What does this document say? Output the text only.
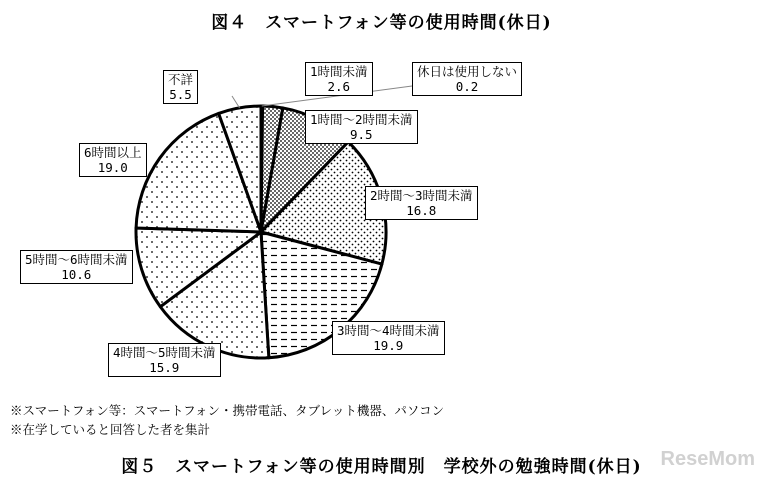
図４　スマートフォン等の使用時間(休日)
休日は使用しない
0.2
1時間未満
2.6
1時間～2時間未満
9.5
2時間～3時間未満
16.8
3時間～4時間未満
19.9
4時間～5時間未満
15.9
5時間～6時間未満
10.6
6時間以上
19.0
不詳
5.5
※スマートフォン等：スマートフォン・携帯電話、タブレット機器、パソコン
※在学していると回答した者を集計
図５　スマートフォン等の使用時間別　学校外の勉強時間(休日) ReseMom
